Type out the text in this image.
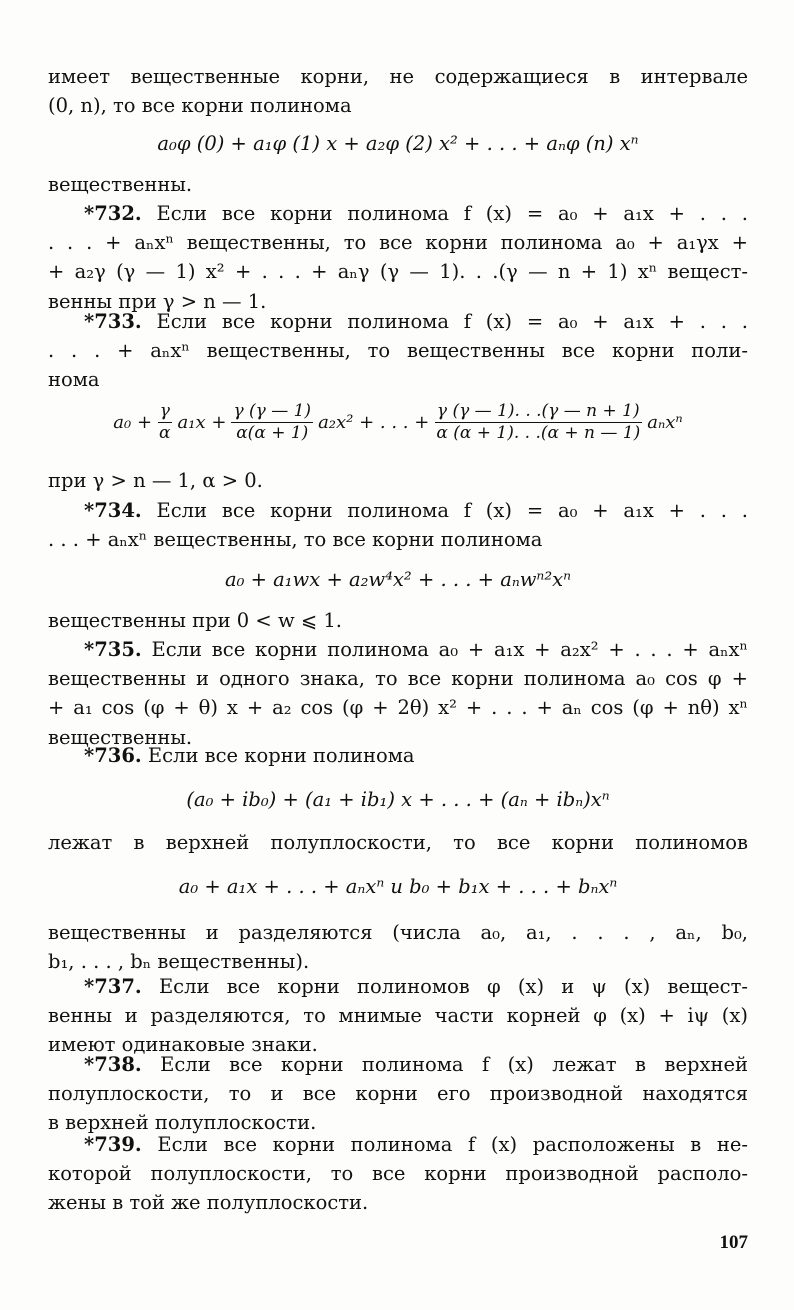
имеет вещественные корни, не содержащиеся в интервале
(0, n), то все корни полинома
a₀φ (0) + a₁φ (1) x + a₂φ (2) x² + . . . + aₙφ (n) xⁿ
вещественны.
*732. Если все корни полинома f (x) = a₀ + a₁x + . . .
. . . + aₙxⁿ вещественны, то все корни полинома a₀ + a₁γx +
+ a₂γ (γ — 1) x² + . . . + aₙγ (γ — 1). . .(γ — n + 1) xⁿ вещест-
венны при γ > n — 1.
*733. Если все корни полинома f (x) = a₀ + a₁x + . . .
. . . + aₙxⁿ вещественны, то вещественны все корни поли-
нома
$a_0 + \frac{\gamma}{\alpha} a_1x + \frac{\gamma (\gamma — 1)}{\alpha(\alpha + 1)} a_2x^2$ + . . . + $\frac{\gamma (\gamma — 1). . .(\gamma — n + 1)}{\alpha (\alpha + 1). . .(\alpha + n — 1)}$ aₙxⁿ
при γ > n — 1, α > 0.
*734. Если все корни полинома f (x) = a₀ + a₁x + . . .
. . . + aₙxⁿ вещественны, то все корни полинома
a₀ + a₁wx + a₂w⁴x² + . . . + aₙwⁿ²xⁿ
вещественны при 0 < w ⩽ 1.
*735. Если все корни полинома a₀ + a₁x + a₂x² + . . . + aₙxⁿ
вещественны и одного знака, то все корни полинома a₀ cos φ +
+ a₁ cos (φ + θ) x + a₂ cos (φ + 2θ) x² + . . . + aₙ cos (φ + nθ) xⁿ
вещественны.
*736. Если все корни полинома
(a₀ + ib₀) + (a₁ + ib₁) x + . . . + (aₙ + ibₙ)xⁿ
лежат в верхней полуплоскости, то все корни полиномов
a₀ + a₁x + . . . + aₙxⁿ и b₀ + b₁x + . . . + bₙxⁿ
вещественны и разделяются (числа a₀, a₁, . . . , aₙ, b₀,
b₁, . . . , bₙ вещественны).
*737. Если все корни полиномов φ (x) и ψ (x) вещест-
венны и разделяются, то мнимые части корней φ (x) + iψ (x)
имеют одинаковые знаки.
*738. Если все корни полинома f (x) лежат в верхней
полуплоскости, то и все корни его производной находятся
в верхней полуплоскости.
*739. Если все корни полинома f (x) расположены в не-
которой полуплоскости, то все корни производной располо-
жены в той же полуплоскости.
107
